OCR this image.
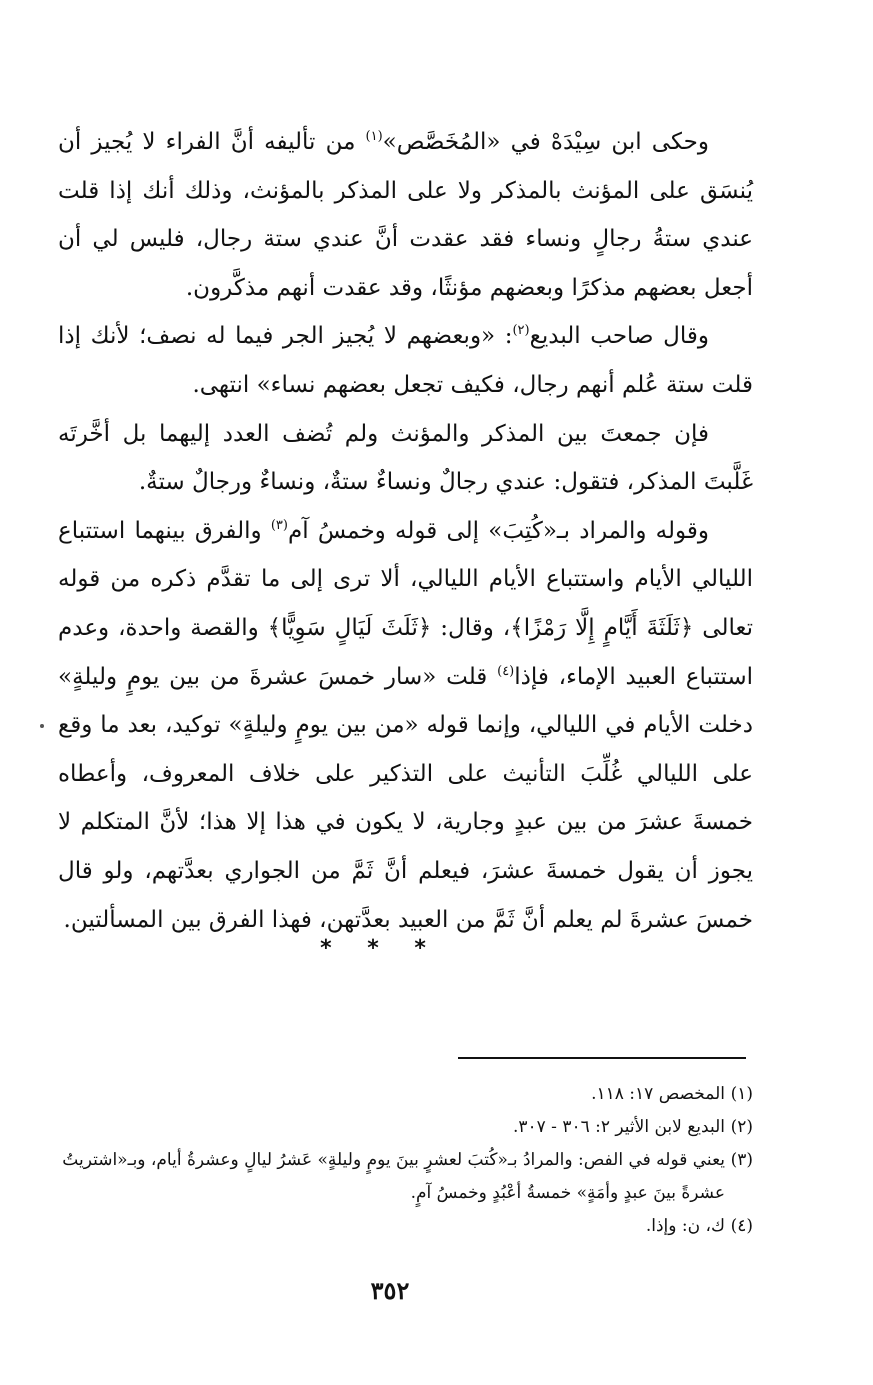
وحكى ابن سِيْدَهْ في «المُخَصَّص»$^{(١)}$ من تأليفه أنَّ الفراء لا يُجيز أن يُنسَق على المؤنث بالمذكر ولا على المذكر بالمؤنث، وذلك أنك إذا قلت عندي ستةُ رجالٍ ونساء فقد عقدت أنَّ عندي ستة رجال، فليس لي أن أجعل بعضهم مذكرًا وبعضهم مؤنثًا، وقد عقدت أنهم مذكَّرون.

وقال صاحب البديع$^{(٢)}$: «وبعضهم لا يُجيز الجر فيما له نصف؛ لأنك إذا قلت ستة عُلم أنهم رجال، فكيف تجعل بعضهم نساء» انتهى.

فإن جمعتَ بين المذكر والمؤنث ولم تُضف العدد إليهما بل أخَّرتَه غَلَّبتَ المذكر، فتقول: عندي رجالٌ ونساءٌ ستةٌ، ونساءٌ ورجالٌ ستةٌ.

وقوله والمراد بـ«كُتِبَ» إلى قوله وخمسُ آم$^{(٣)}$ والفرق بينهما استتباع الليالي الأيام واستتباع الأيام الليالي، ألا ترى إلى ما تقدَّم ذكره من قوله تعالى ﴿ثَلَثَةَ أَيَّامٍ إِلَّا رَمْزًا﴾، وقال: ﴿ثَلَثَ لَيَالٍ سَوِيًّا﴾ والقصة واحدة، وعدم استتباع العبيد الإماء، فإذا$^{(٤)}$ قلت «سار خمسَ عشرةَ من بين يومٍ وليلةٍ» دخلت الأيام في الليالي، وإنما قوله «من بين يومٍ وليلةٍ» توكيد، بعد ما وقع على الليالي غُلِّبَ التأنيث على التذكير على خلاف المعروف، وأعطاه خمسةَ عشرَ من بين عبدٍ وجارية، لا يكون في هذا إلا هذا؛ لأنَّ المتكلم لا يجوز أن يقول خمسةَ عشرَ، فيعلم أنَّ ثَمَّ من الجواري بعدَّتهم، ولو قال خمسَ عشرةَ لم يعلم أنَّ ثَمَّ من العبيد بعدَّتهن، فهذا الفرق بين المسألتين.

* * *

(١)المخصص ١٧: ١١٨.

(٢)البديع لابن الأثير ٢: ٣٠٦ - ٣٠٧.

(٣)يعني قوله في الفص: والمرادُ بـ«كُتبَ لعشرٍ بينَ يومٍ وليلةٍ» عَشرُ ليالٍ وعشرةُ أيام، وبـ«اشتريتُ عشرةً بينَ عبدٍ وأمَةٍ» خمسةُ أعْبُدٍ وخمسُ آمٍ.

(٤)ك، ن: وإذا.

٣٥٢
